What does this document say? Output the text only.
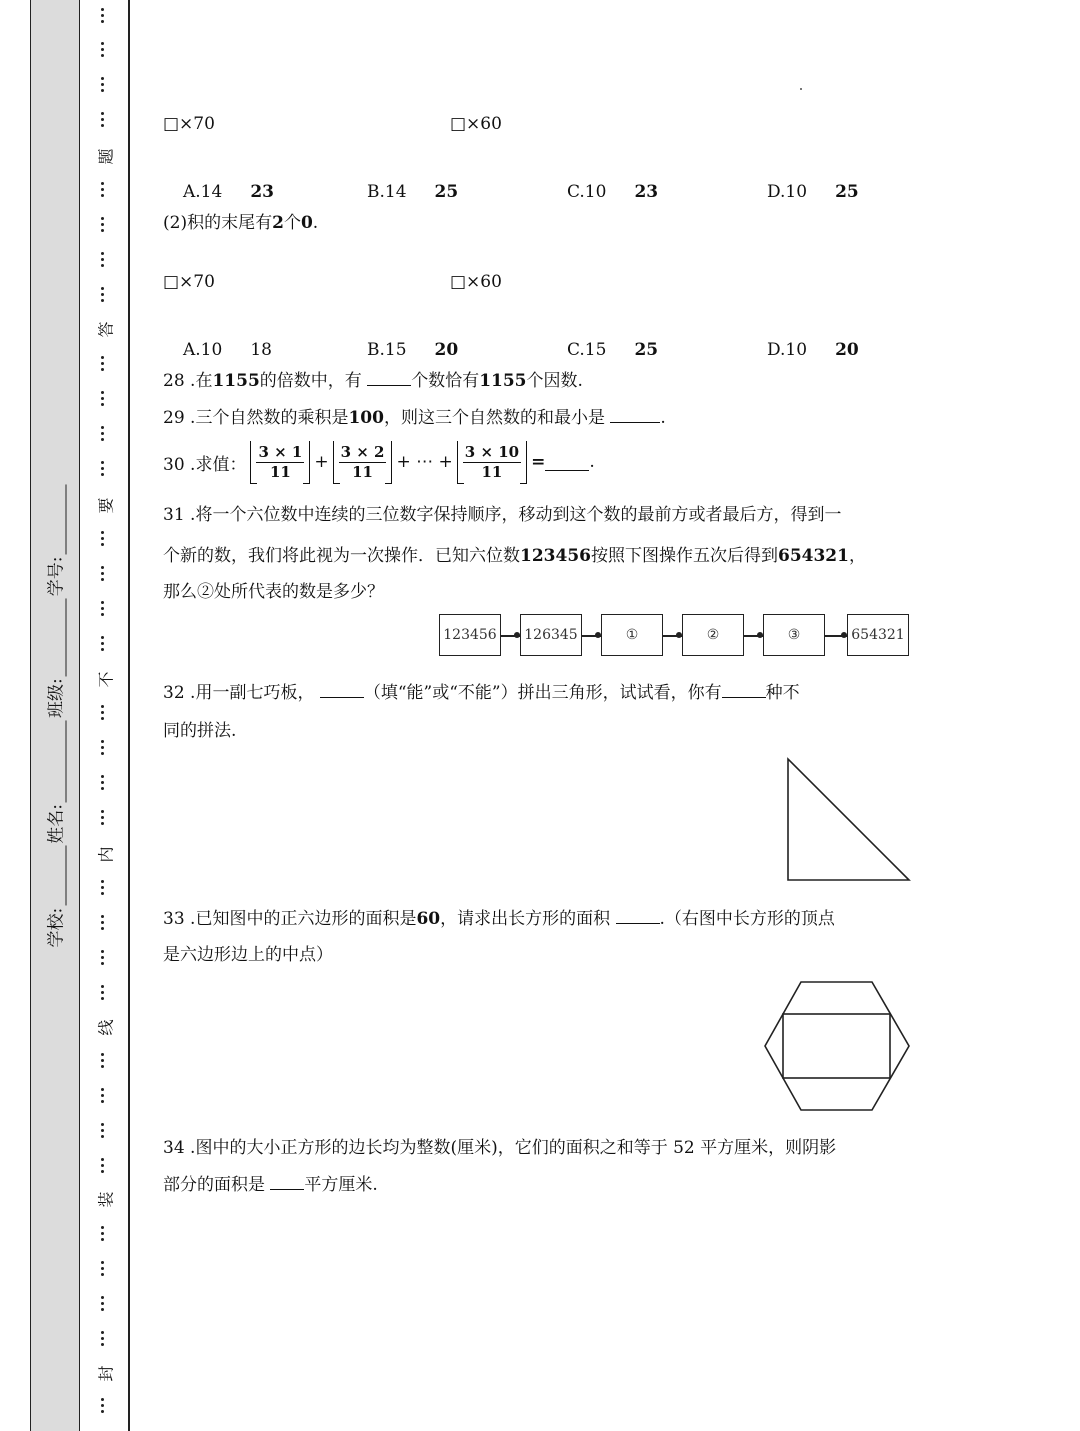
学校:
姓名:
班级:
学号:
题
答
要
不
内
线
装
封
□×70	□×60
A.14 23	B.14 25	C.10 23	D.10 25
(2)积的末尾有2个0.
□×70	□×60
A.10 18	B.15 20	C.15 25	D.10 20
28 .在1155的倍数中，有	个数恰有1155个因数.
29 .三个自然数的乘积是100，则这三个自然数的和最小是	.
30 .求值： $\frac{3 \times 1}{11} + \frac{3 \times 2}{11}$ + ⋯ + $\frac{3 \times 10}{11}$ =	.
31 .将一个六位数中连续的三位数字保持顺序，移动到这个数的最前方或者最后方，得到一
个新的数，我们将此视为一次操作．已知六位数123456按照下图操作五次后得到654321，
那么②处所代表的数是多少？
123456	126345	①	②	③	654321
32 .用一副七巧板，	（填“能”或“不能”）拼出三角形，试试看，你有	种不
同的拼法.
33 .已知图中的正六边形的面积是60，请求出长方形的面积	.（右图中长方形的顶点
是六边形边上的中点）
34 .图中的大小正方形的边长均为整数(厘米)，它们的面积之和等于 52 平方厘米，则阴影
部分的面积是 平方厘米.
